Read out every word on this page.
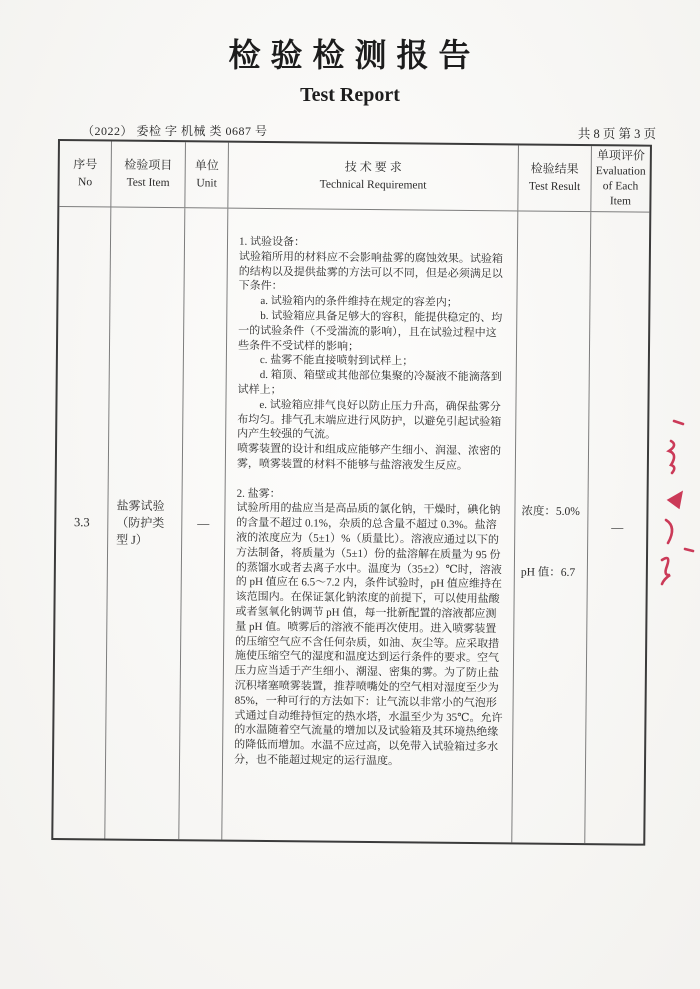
检 验 检 测 报 告
Test Report
（2022） 委检 字 机械 类 0687 号	共 8 页 第 3 页
序号
No
检验项目
Test Item
单位
Unit
技 术 要 求
Technical Requirement
检验结果
Test Result
单项评价
Evaluation of Each Item
3.3
盐雾试验
（防护类
型 J）
—
1. 试验设备：
试验箱所用的材料应不会影响盐雾的腐蚀效果。试验箱的结构以及提供盐雾的方法可以不同，但是必须满足以下条件：
　　a. 试验箱内的条件维持在规定的容差内；
　　b. 试验箱应具备足够大的容积，能提供稳定的、均一的试验条件（不受湍流的影响），且在试验过程中这些条件不受试样的影响；
　　c. 盐雾不能直接喷射到试样上；
　　d. 箱顶、箱壁或其他部位集聚的冷凝液不能滴落到试样上；
　　e. 试验箱应排气良好以防止压力升高，确保盐雾分布均匀。排气孔末端应进行风防护，以避免引起试验箱内产生较强的气流。
喷雾装置的设计和组成应能够产生细小、润湿、浓密的雾，喷雾装置的材料不能够与盐溶液发生反应。

2. 盐雾：
试验所用的盐应当是高品质的氯化钠，干燥时，碘化钠的含量不超过 0.1%，杂质的总含量不超过 0.3%。盐溶液的浓度应为（5±1）%（质量比）。溶液应通过以下的方法制备，将质量为（5±1）份的盐溶解在质量为 95 份的蒸馏水或者去离子水中。温度为（35±2）℃时，溶液的 pH 值应在 6.5～7.2 内，条件试验时，pH 值应维持在该范围内。在保证氯化钠浓度的前提下，可以使用盐酸或者氢氧化钠调节 pH 值，每一批新配置的溶液都应测量 pH 值。喷雾后的溶液不能再次使用。进入喷雾装置的压缩空气应不含任何杂质，如油、灰尘等。应采取措施使压缩空气的湿度和温度达到运行条件的要求。空气压力应当适于产生细小、潮湿、密集的雾。为了防止盐沉积堵塞喷雾装置，推荐喷嘴处的空气相对湿度至少为 85%，一种可行的方法如下：让气流以非常小的气泡形式通过自动维持恒定的热水塔，水温至少为 35℃。允许的水温随着空气流量的增加以及试验箱及其环境热绝缘的降低而增加。水温不应过高，以免带入试验箱过多水分，也不能超过规定的运行温度。
浓度：5.0%
pH 值：6.7
—
